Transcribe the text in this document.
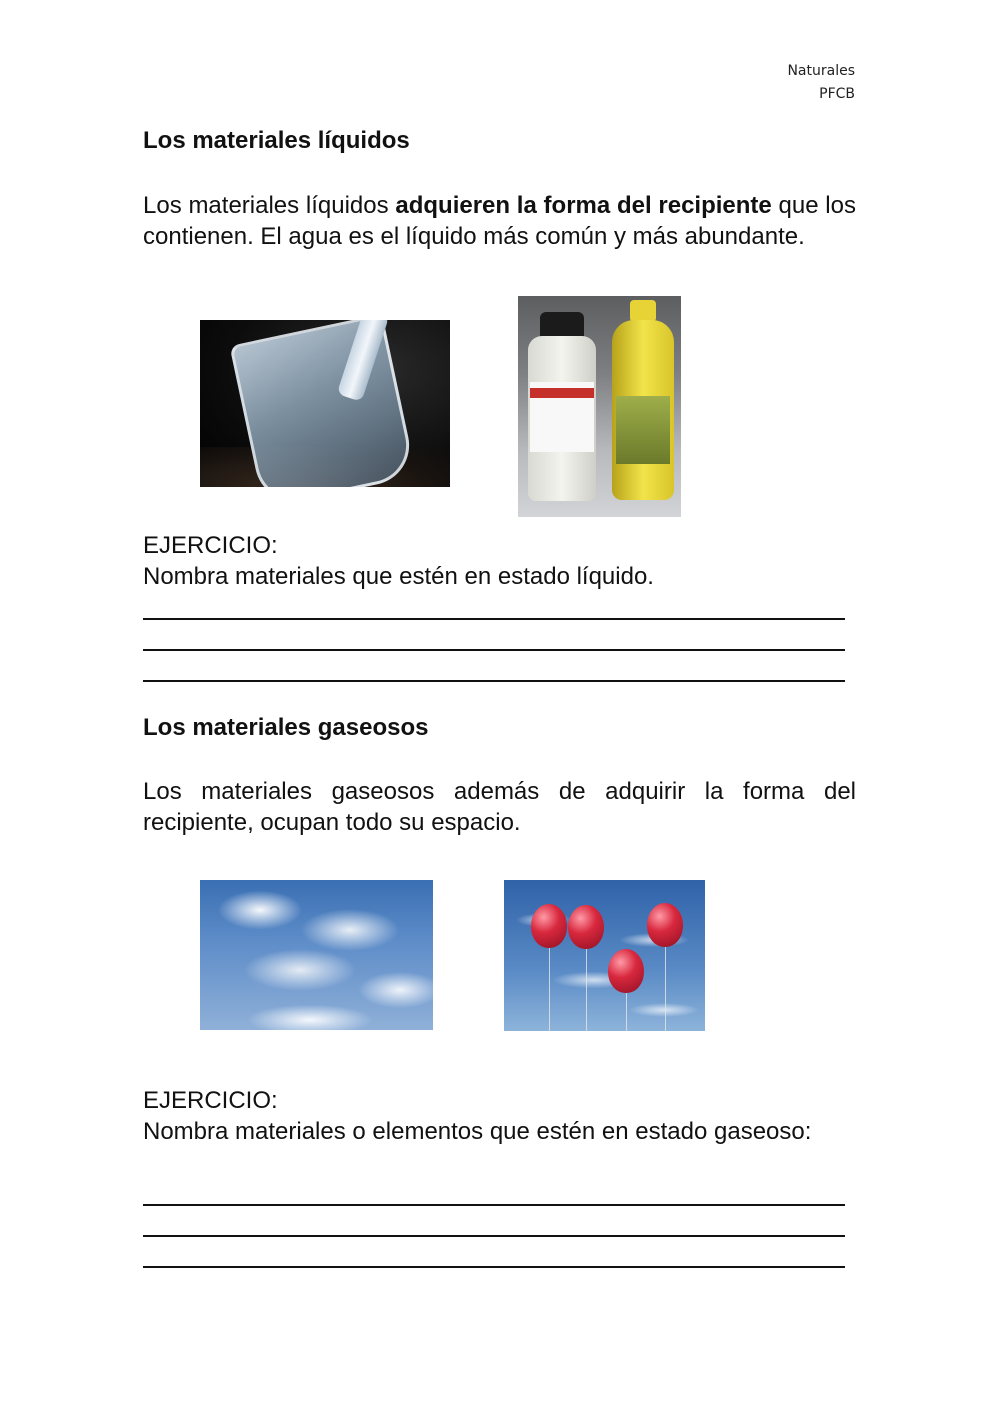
Naturales
PFCB
Los materiales líquidos

Los materiales líquidos adquieren la forma del recipiente que los contienen. El agua es el líquido más común y más abundante.

EJERCICIO:
Nombra materiales que estén en estado líquido.
Los materiales gaseosos

Los materiales gaseosos además de adquirir la forma del recipiente, ocupan todo su espacio.

EJERCICIO:
Nombra materiales o elementos que estén en estado gaseoso:
